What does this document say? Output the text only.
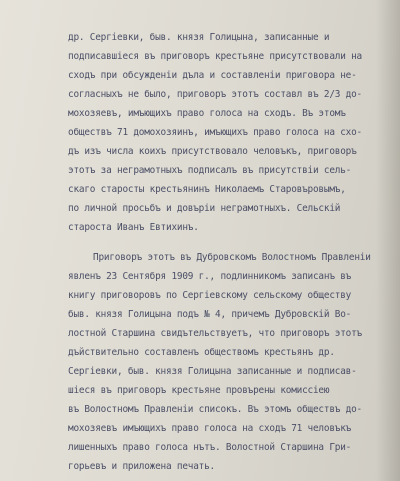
др. Сергіевки, быв. князя Голицына, записанные и
подписавшіеся въ приговоръ крестьяне присутствовали на
сходъ при обсужденіи дъла и составленіи приговора не-
согласныхъ не было, приговоръ этотъ составл въ 2/3 до-
мохозяевъ, имъющихъ право голоса на сходъ. Въ этомъ
обществъ 71 домохозяинъ, имъющихъ право голоса на схо-
дъ изъ числа коихъ присутствовало человъкъ, приговоръ
этотъ за неграмотныхъ подписалъ въ присутствіи сель-
скаго старосты крестьянинъ Николаемъ Старовъровымъ,
по личной просьбъ и довъріи неграмотныхъ. Сельскій
староста Иванъ Евтихинъ.
Приговоръ этотъ въ Дубровскомъ Волостномъ Правленіи
явленъ 23 Сентября 1909 г., подлинникомъ записанъ въ
книгу приговоровъ по Сергіевскому сельскому обществу
быв. князя Голицына подъ № 4, причемъ Дубровскій Во-
лостной Старшина свидътельствуетъ, что приговоръ этотъ
дъйствительно составленъ обществомъ крестьянъ др.
Сергіевки, быв. князя Голицына записанные и подписав-
шіеся въ приговоръ крестьяне провърены комиссіею
въ Волостномъ Правленіи списокъ. Въ этомъ обществъ до-
мохозяевъ имъющихъ право голоса на сходъ 71 человъкъ
лишенныхъ право голоса нътъ. Волостной Старшина Гри-
горьевъ и приложена печать.
